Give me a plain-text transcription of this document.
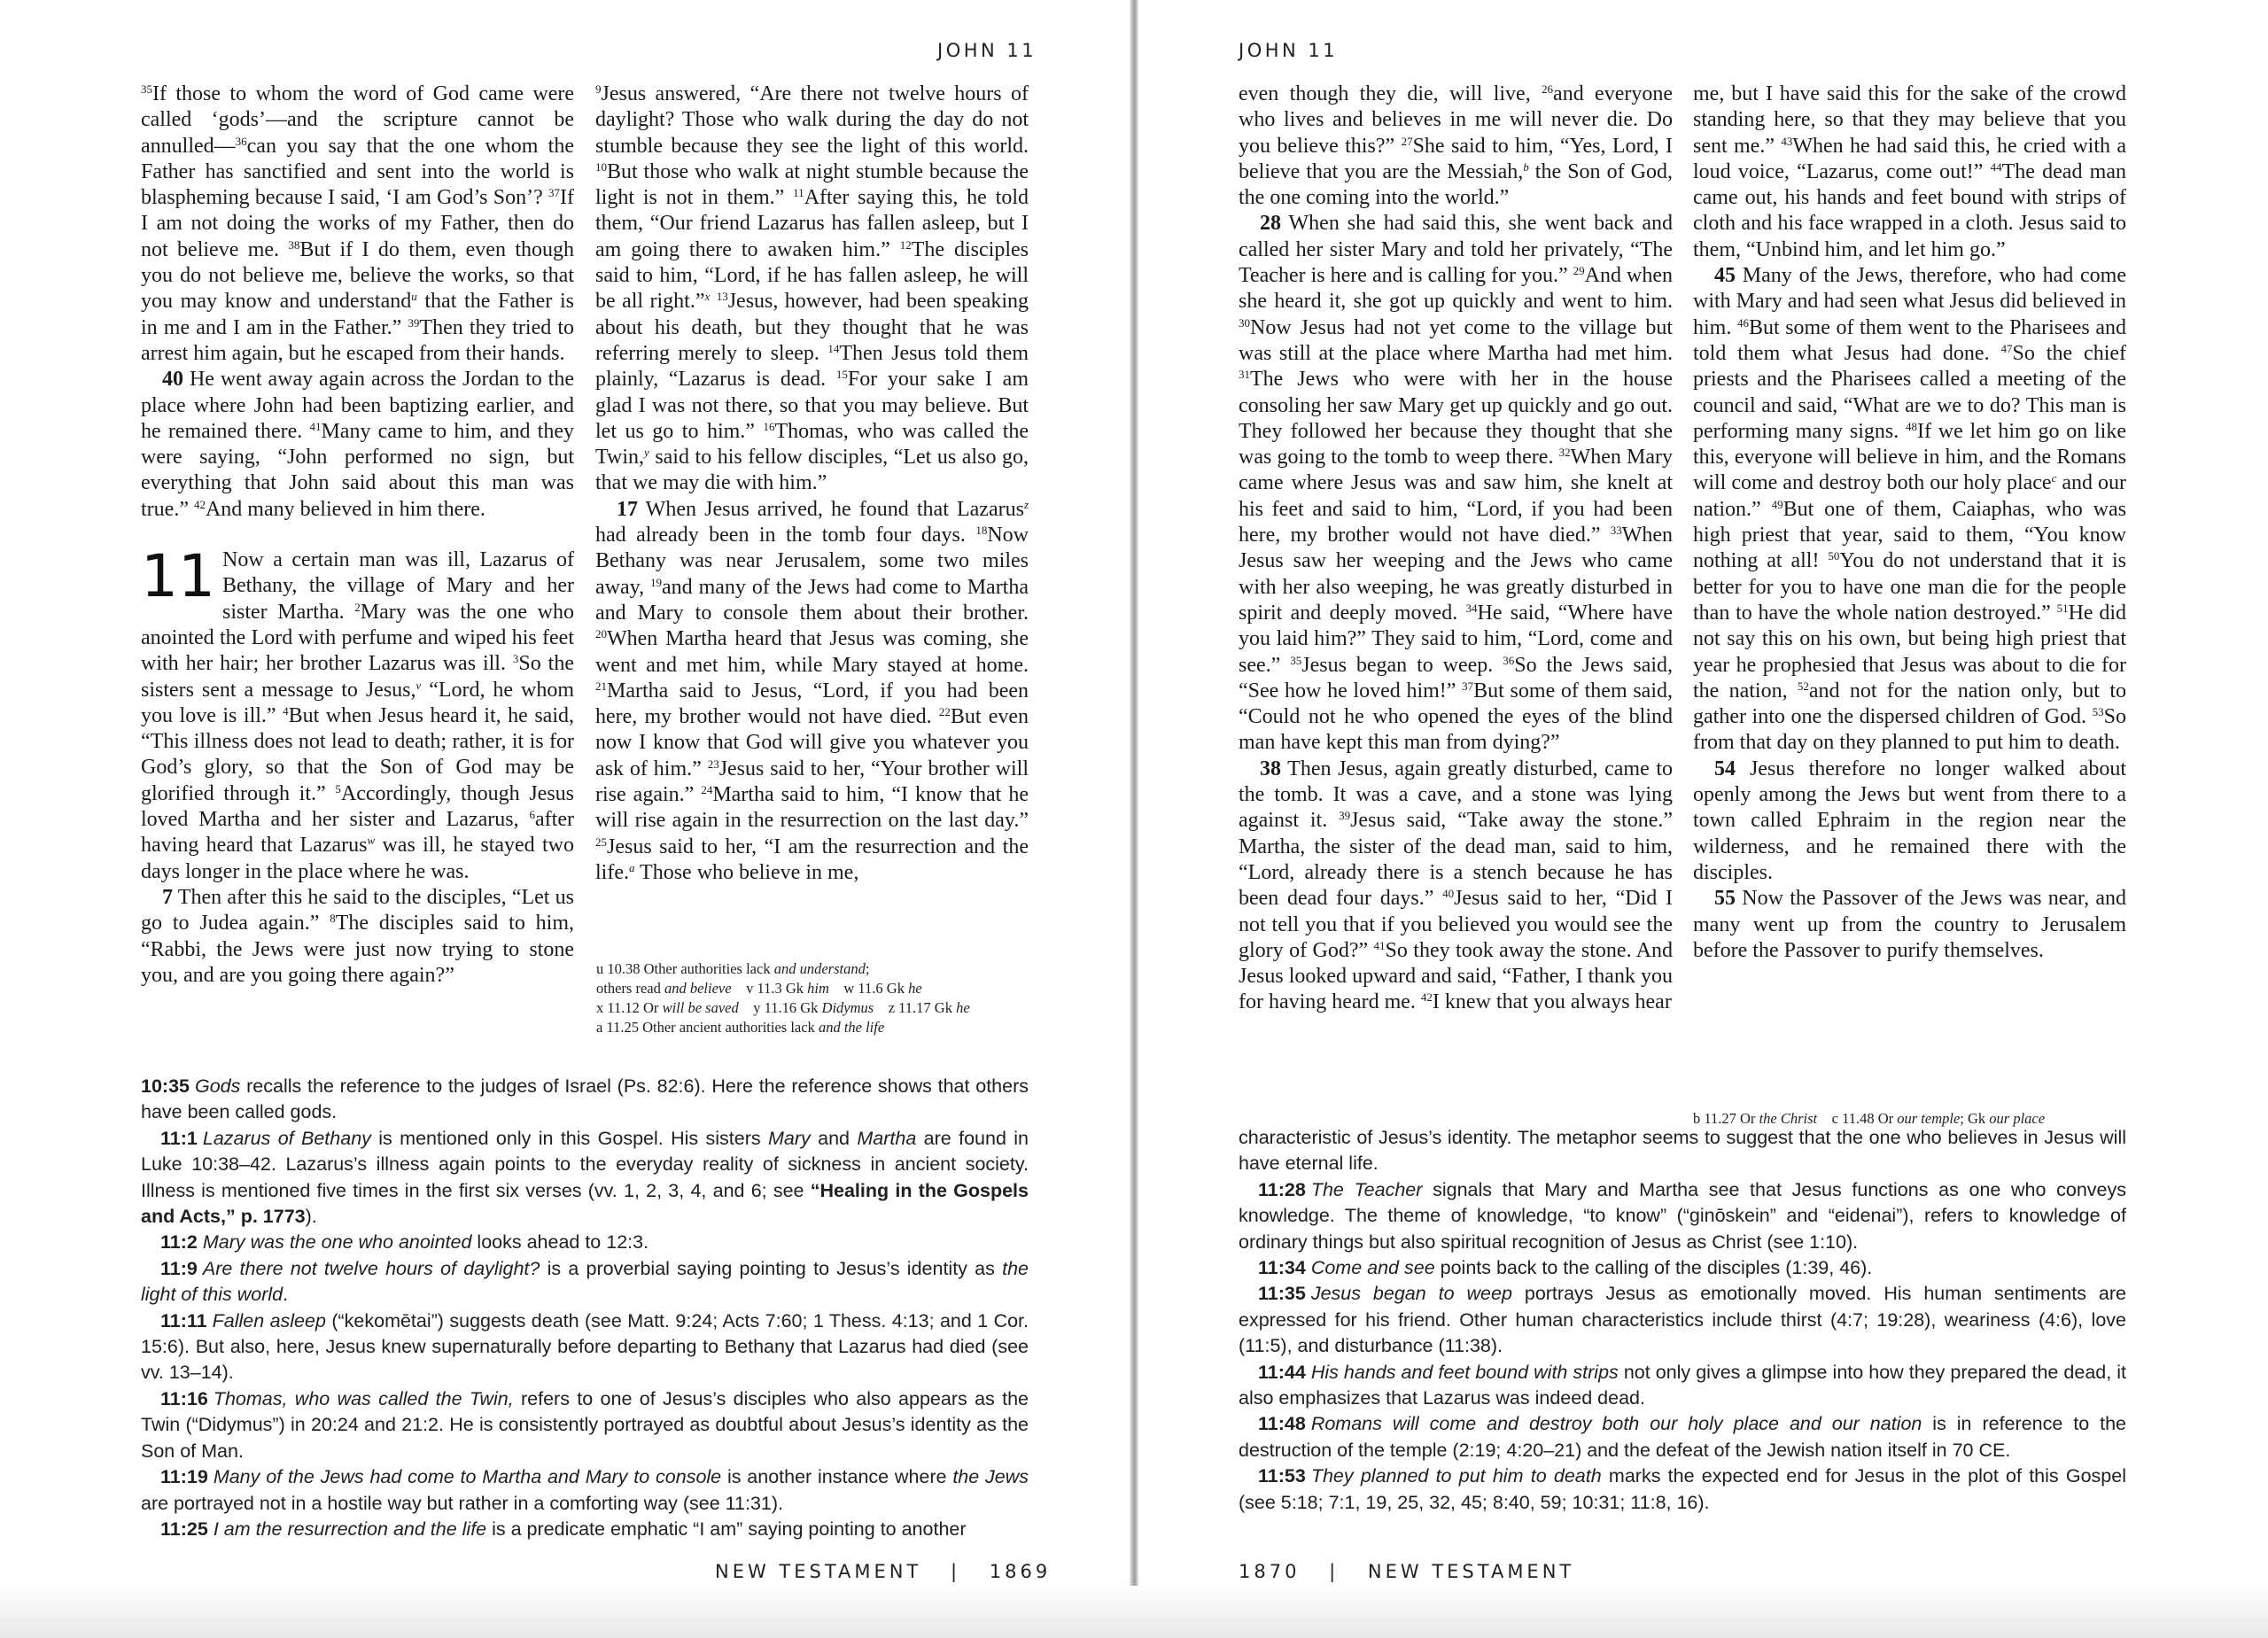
JOHN 11

$^{35}$If those to whom the word of God came were called ‘gods’—and the scripture cannot be annulled—$^{36}$can you say that the one whom the Father has sanctified and sent into the world is blaspheming because I said, ‘I am God’s Son’? $^{37}$If I am not doing the works of my Father, then do not believe me. $^{38}$But if I do them, even though you do not believe me, believe the works, so that you may know and understand$^u$ that the Father is in me and I am in the Father.” $^{39}$Then they tried to arrest him again, but he escaped from their hands.

40 He went away again across the Jordan to the place where John had been baptizing earlier, and he remained there. $^{41}$Many came to him, and they were saying, “John performed no sign, but everything that John said about this man was true.” $^{42}$And many believed in him there.

11 Now a certain man was ill, Lazarus of Bethany, the village of Mary and her sister Martha. $^2$Mary was the one who anointed the Lord with perfume and wiped his feet with her hair; her brother Lazarus was ill. $^3$So the sisters sent a message to Jesus,$^v$ “Lord, he whom you love is ill.” $^4$But when Jesus heard it, he said, “This illness does not lead to death; rather, it is for God’s glory, so that the Son of God may be glorified through it.” $^5$Accordingly, though Jesus loved Martha and her sister and Lazarus, $^6$after having heard that Lazarus$^w$ was ill, he stayed two days longer in the place where he was.

7 Then after this he said to the disciples, “Let us go to Judea again.” $^8$The disciples said to him, “Rabbi, the Jews were just now trying to stone you, and are you going there again?”

$^9$Jesus answered, “Are there not twelve hours of daylight? Those who walk during the day do not stumble because they see the light of this world. $^{10}$But those who walk at night stumble because the light is not in them.” $^{11}$After saying this, he told them, “Our friend Lazarus has fallen asleep, but I am going there to awaken him.” $^{12}$The disciples said to him, “Lord, if he has fallen asleep, he will be all right.”$^x$ $^{13}$Jesus, however, had been speaking about his death, but they thought that he was referring merely to sleep. $^{14}$Then Jesus told them plainly, “Lazarus is dead. $^{15}$For your sake I am glad I was not there, so that you may believe. But let us go to him.” $^{16}$Thomas, who was called the Twin,$^y$ said to his fellow disciples, “Let us also go, that we may die with him.”

17 When Jesus arrived, he found that Lazarus$^z$ had already been in the tomb four days. $^{18}$Now Bethany was near Jerusalem, some two miles away, $^{19}$and many of the Jews had come to Martha and Mary to console them about their brother. $^{20}$When Martha heard that Jesus was coming, she went and met him, while Mary stayed at home. $^{21}$Martha said to Jesus, “Lord, if you had been here, my brother would not have died. $^{22}$But even now I know that God will give you whatever you ask of him.” $^{23}$Jesus said to her, “Your brother will rise again.” $^{24}$Martha said to him, “I know that he will rise again in the resurrection on the last day.” $^{25}$Jesus said to her, “I am the resurrection and the life.$^a$ Those who believe in me,

u 10.38 Other authorities lack and understand;
others read and believe    v 11.3 Gk him    w 11.6 Gk he
x 11.12 Or will be saved    y 11.16 Gk Didymus    z 11.17 Gk he
a 11.25 Other ancient authorities lack and the life

10:35 Gods recalls the reference to the judges of Israel (Ps. 82:6). Here the reference shows that others have been called gods.

11:1 Lazarus of Bethany is mentioned only in this Gospel. His sisters Mary and Martha are found in Luke 10:38–42. Lazarus’s illness again points to the everyday reality of sickness in ancient society. Illness is mentioned five times in the first six verses (vv. 1, 2, 3, 4, and 6; see “Healing in the Gospels and Acts,” p. 1773).

11:2 Mary was the one who anointed looks ahead to 12:3.

11:9 Are there not twelve hours of daylight? is a proverbial saying pointing to Jesus’s identity as the light of this world.

11:11 Fallen asleep (“kekomētai”) suggests death (see Matt. 9:24; Acts 7:60; 1 Thess. 4:13; and 1 Cor. 15:6). But also, here, Jesus knew supernaturally before departing to Bethany that Lazarus had died (see vv. 13–14).

11:16 Thomas, who was called the Twin, refers to one of Jesus’s disciples who also appears as the Twin (“Didymus”) in 20:24 and 21:2. He is consistently portrayed as doubtful about Jesus’s identity as the Son of Man.

11:19 Many of the Jews had come to Martha and Mary to console is another instance where the Jews are portrayed not in a hostile way but rather in a comforting way (see 11:31).

11:25 I am the resurrection and the life is a predicate emphatic “I am” saying pointing to another

NEW TESTAMENT | 1869
JOHN 11

even though they die, will live, $^{26}$and everyone who lives and believes in me will never die. Do you believe this?” $^{27}$She said to him, “Yes, Lord, I believe that you are the Messiah,$^b$ the Son of God, the one coming into the world.”

28 When she had said this, she went back and called her sister Mary and told her privately, “The Teacher is here and is calling for you.” $^{29}$And when she heard it, she got up quickly and went to him. $^{30}$Now Jesus had not yet come to the village but was still at the place where Martha had met him. $^{31}$The Jews who were with her in the house consoling her saw Mary get up quickly and go out. They followed her because they thought that she was going to the tomb to weep there. $^{32}$When Mary came where Jesus was and saw him, she knelt at his feet and said to him, “Lord, if you had been here, my brother would not have died.” $^{33}$When Jesus saw her weeping and the Jews who came with her also weeping, he was greatly disturbed in spirit and deeply moved. $^{34}$He said, “Where have you laid him?” They said to him, “Lord, come and see.” $^{35}$Jesus began to weep. $^{36}$So the Jews said, “See how he loved him!” $^{37}$But some of them said, “Could not he who opened the eyes of the blind man have kept this man from dying?”

38 Then Jesus, again greatly disturbed, came to the tomb. It was a cave, and a stone was lying against it. $^{39}$Jesus said, “Take away the stone.” Martha, the sister of the dead man, said to him, “Lord, already there is a stench because he has been dead four days.” $^{40}$Jesus said to her, “Did I not tell you that if you believed you would see the glory of God?” $^{41}$So they took away the stone. And Jesus looked upward and said, “Father, I thank you for having heard me. $^{42}$I knew that you always hear

me, but I have said this for the sake of the crowd standing here, so that they may believe that you sent me.” $^{43}$When he had said this, he cried with a loud voice, “Lazarus, come out!” $^{44}$The dead man came out, his hands and feet bound with strips of cloth and his face wrapped in a cloth. Jesus said to them, “Unbind him, and let him go.”

45 Many of the Jews, therefore, who had come with Mary and had seen what Jesus did believed in him. $^{46}$But some of them went to the Pharisees and told them what Jesus had done. $^{47}$So the chief priests and the Pharisees called a meeting of the council and said, “What are we to do? This man is performing many signs. $^{48}$If we let him go on like this, everyone will believe in him, and the Romans will come and destroy both our holy place$^c$ and our nation.” $^{49}$But one of them, Caiaphas, who was high priest that year, said to them, “You know nothing at all! $^{50}$You do not understand that it is better for you to have one man die for the people than to have the whole nation destroyed.” $^{51}$He did not say this on his own, but being high priest that year he prophesied that Jesus was about to die for the nation, $^{52}$and not for the nation only, but to gather into one the dispersed children of God. $^{53}$So from that day on they planned to put him to death.

54 Jesus therefore no longer walked about openly among the Jews but went from there to a town called Ephraim in the region near the wilderness, and he remained there with the disciples.

55 Now the Passover of the Jews was near, and many went up from the country to Jerusalem before the Passover to purify themselves.

b 11.27 Or the Christ    c 11.48 Or our temple; Gk our place

characteristic of Jesus’s identity. The metaphor seems to suggest that the one who believes in Jesus will have eternal life.

11:28 The Teacher signals that Mary and Martha see that Jesus functions as one who conveys knowledge. The theme of knowledge, “to know” (“ginōskein” and “eidenai”), refers to knowledge of ordinary things but also spiritual recognition of Jesus as Christ (see 1:10).

11:34 Come and see points back to the calling of the disciples (1:39, 46).

11:35 Jesus began to weep portrays Jesus as emotionally moved. His human sentiments are expressed for his friend. Other human characteristics include thirst (4:7; 19:28), weariness (4:6), love (11:5), and disturbance (11:38).

11:44 His hands and feet bound with strips not only gives a glimpse into how they prepared the dead, it also emphasizes that Lazarus was indeed dead.

11:48 Romans will come and destroy both our holy place and our nation is in reference to the destruction of the temple (2:19; 4:20–21) and the defeat of the Jewish nation itself in 70 CE.

11:53 They planned to put him to death marks the expected end for Jesus in the plot of this Gospel (see 5:18; 7:1, 19, 25, 32, 45; 8:40, 59; 10:31; 11:8, 16).

1870 | NEW TESTAMENT
